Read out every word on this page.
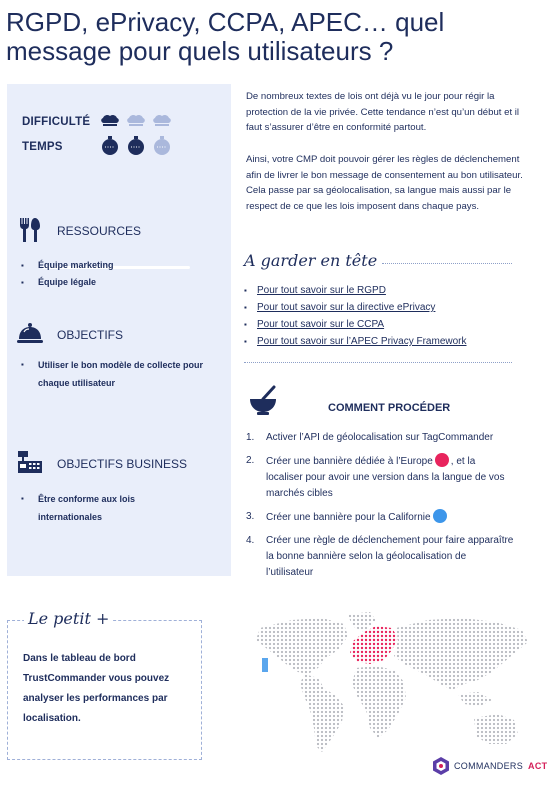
RGPD, ePrivacy, CCPA, APEC… quel
message pour quels utilisateurs ?
DIFFICULTÉ
TEMPS
RESSOURCES
▪ Équipe marketing
▪ Équipe légale
OBJECTIFS
▪ Utiliser le bon modèle de collecte pour chaque utilisateur
OBJECTIFS BUSINESS
▪ Être conforme aux lois internationales
Le petit +
Dans le tableau de bord TrustCommander vous pouvez analyser les performances par localisation.
De nombreux textes de lois ont déjà vu le jour pour régir la protection de la vie privée. Cette tendance n’est qu’un début et il faut s’assurer d’être en conformité partout.
Ainsi, votre CMP doit pouvoir gérer les règles de déclenchement afin de livrer le bon message de consentement au bon utilisateur. Cela passe par sa géolocalisation, sa langue mais aussi par le respect de ce que les lois imposent dans chaque pays.
A garder en tête
▪ Pour tout savoir sur le RGPD
▪ Pour tout savoir sur la directive ePrivacy
▪ Pour tout savoir sur le CCPA
▪ Pour tout savoir sur l’APEC Privacy Framework
COMMENT PROCÉDER
1. Activer l’API de géolocalisation sur TagCommander
2. Créer une bannière dédiée à l’Europe , et la localiser pour avoir une version dans la langue de vos marchés cibles
3. Créer une bannière pour la Californie
4. Créer une règle de déclenchement pour faire apparaître la bonne bannière selon la géolocalisation de l’utilisateur
COMMANDERS ACT
